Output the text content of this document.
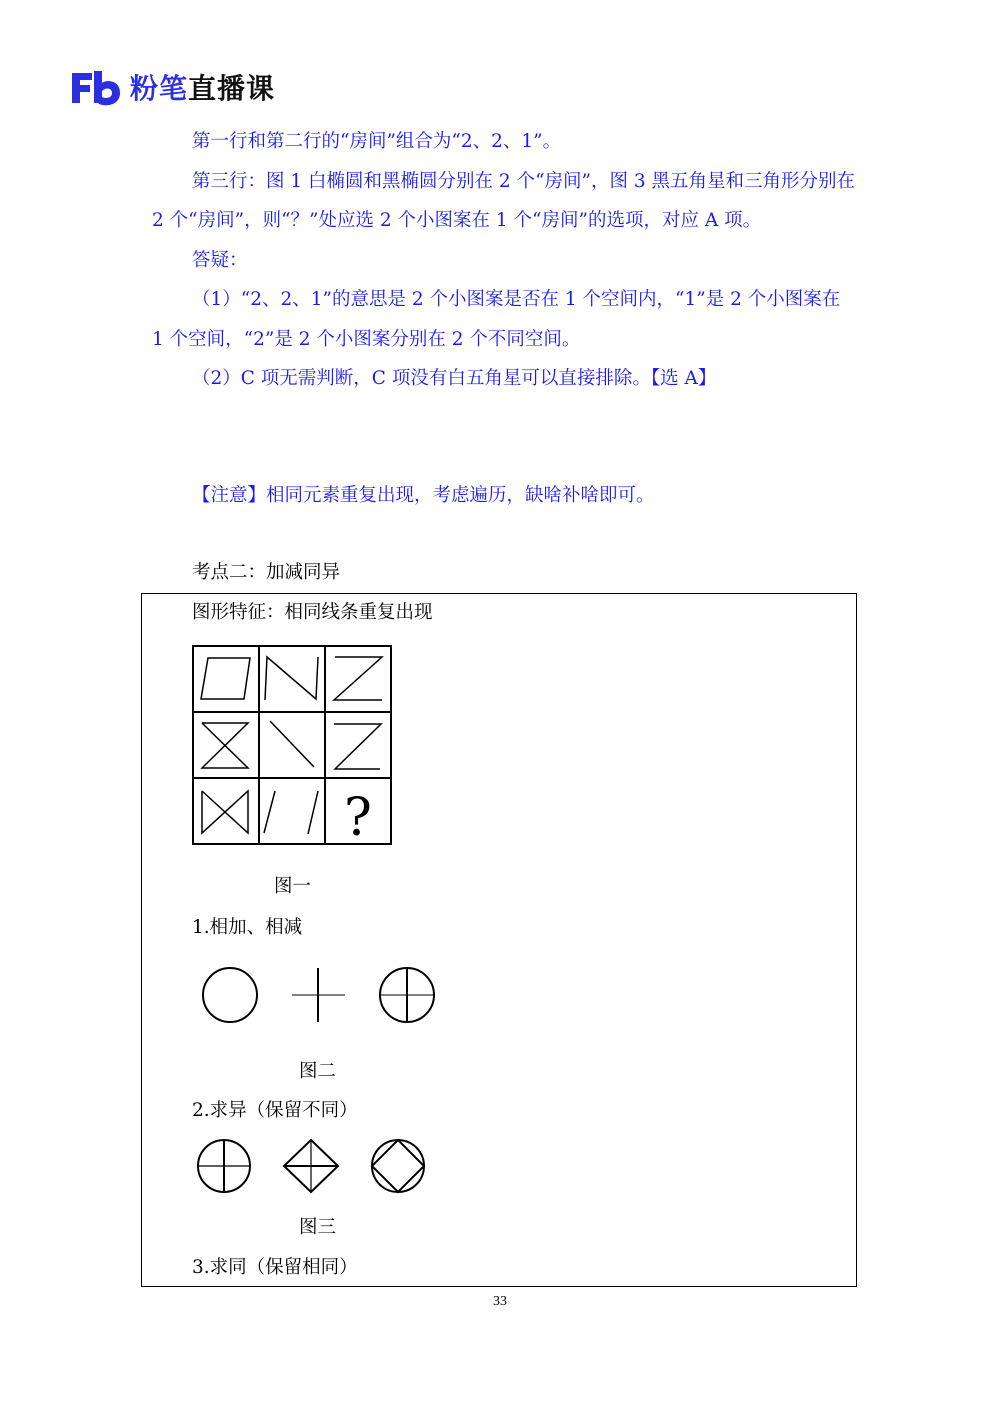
粉笔直播课

第一行和第二行的“房间”组合为“2、2、1”。

第三行：图 1 白椭圆和黑椭圆分别在 2 个“房间”，图 3 黑五角星和三角形分别在 2 个“房间”，则“？”处应选 2 个小图案在 1 个“房间”的选项，对应 A 项。

答疑：

（1）“2、2、1”的意思是 2 个小图案是否在 1 个空间内，“1”是 2 个小图案在 1 个空间，“2”是 2 个小图案分别在 2 个不同空间。

（2）C 项无需判断，C 项没有白五角星可以直接排除。【选 A】

【注意】相同元素重复出现，考虑遍历，缺啥补啥即可。
考点二：加减同异
图形特征：相同线条重复出现
?
图一
1.相加、相减
图二
2.求异（保留不同）
图三
3.求同（保留相同）
33
